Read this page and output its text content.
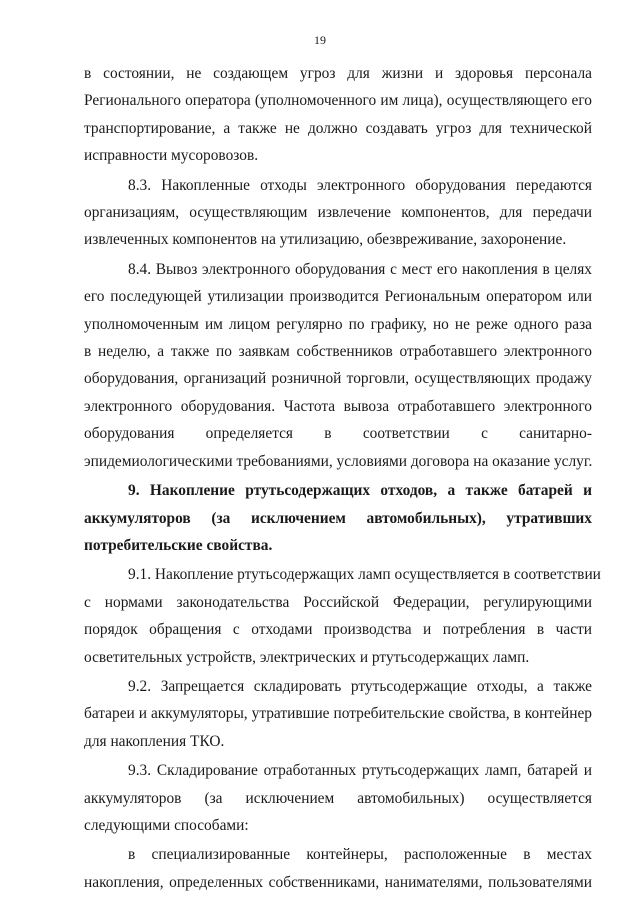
19
в состоянии, не создающем угроз для жизни и здоровья персонала
Регионального оператора (уполномоченного им лица), осуществляющего его
транспортирование, а также не должно создавать угроз для технической
исправности мусоровозов.
8.3. Накопленные отходы электронного оборудования передаются
организациям, осуществляющим извлечение компонентов, для передачи
извлеченных компонентов на утилизацию, обезвреживание, захоронение.
8.4. Вывоз электронного оборудования с мест его накопления в целях
его последующей утилизации производится Региональным оператором или
уполномоченным им лицом регулярно по графику, но не реже одного раза
в неделю, а также по заявкам собственников отработавшего электронного
оборудования, организаций розничной торговли, осуществляющих продажу
электронного оборудования. Частота вывоза отработавшего электронного
оборудования определяется в соответствии с санитарно-
эпидемиологическими требованиями, условиями договора на оказание услуг.
9. Накопление ртутьсодержащих отходов, а также батарей и
аккумуляторов (за исключением автомобильных), утративших
потребительские свойства.
9.1. Накопление ртутьсодержащих ламп осуществляется в соответствии
с нормами законодательства Российской Федерации, регулирующими
порядок обращения с отходами производства и потребления в части
осветительных устройств, электрических и ртутьсодержащих ламп.
9.2. Запрещается складировать ртутьсодержащие отходы, а также
батареи и аккумуляторы, утратившие потребительские свойства, в контейнер
для накопления ТКО.
9.3. Складирование отработанных ртутьсодержащих ламп, батарей и
аккумуляторов (за исключением автомобильных) осуществляется
следующими способами:
в специализированные контейнеры, расположенные в местах
накопления, определенных собственниками, нанимателями, пользователями
